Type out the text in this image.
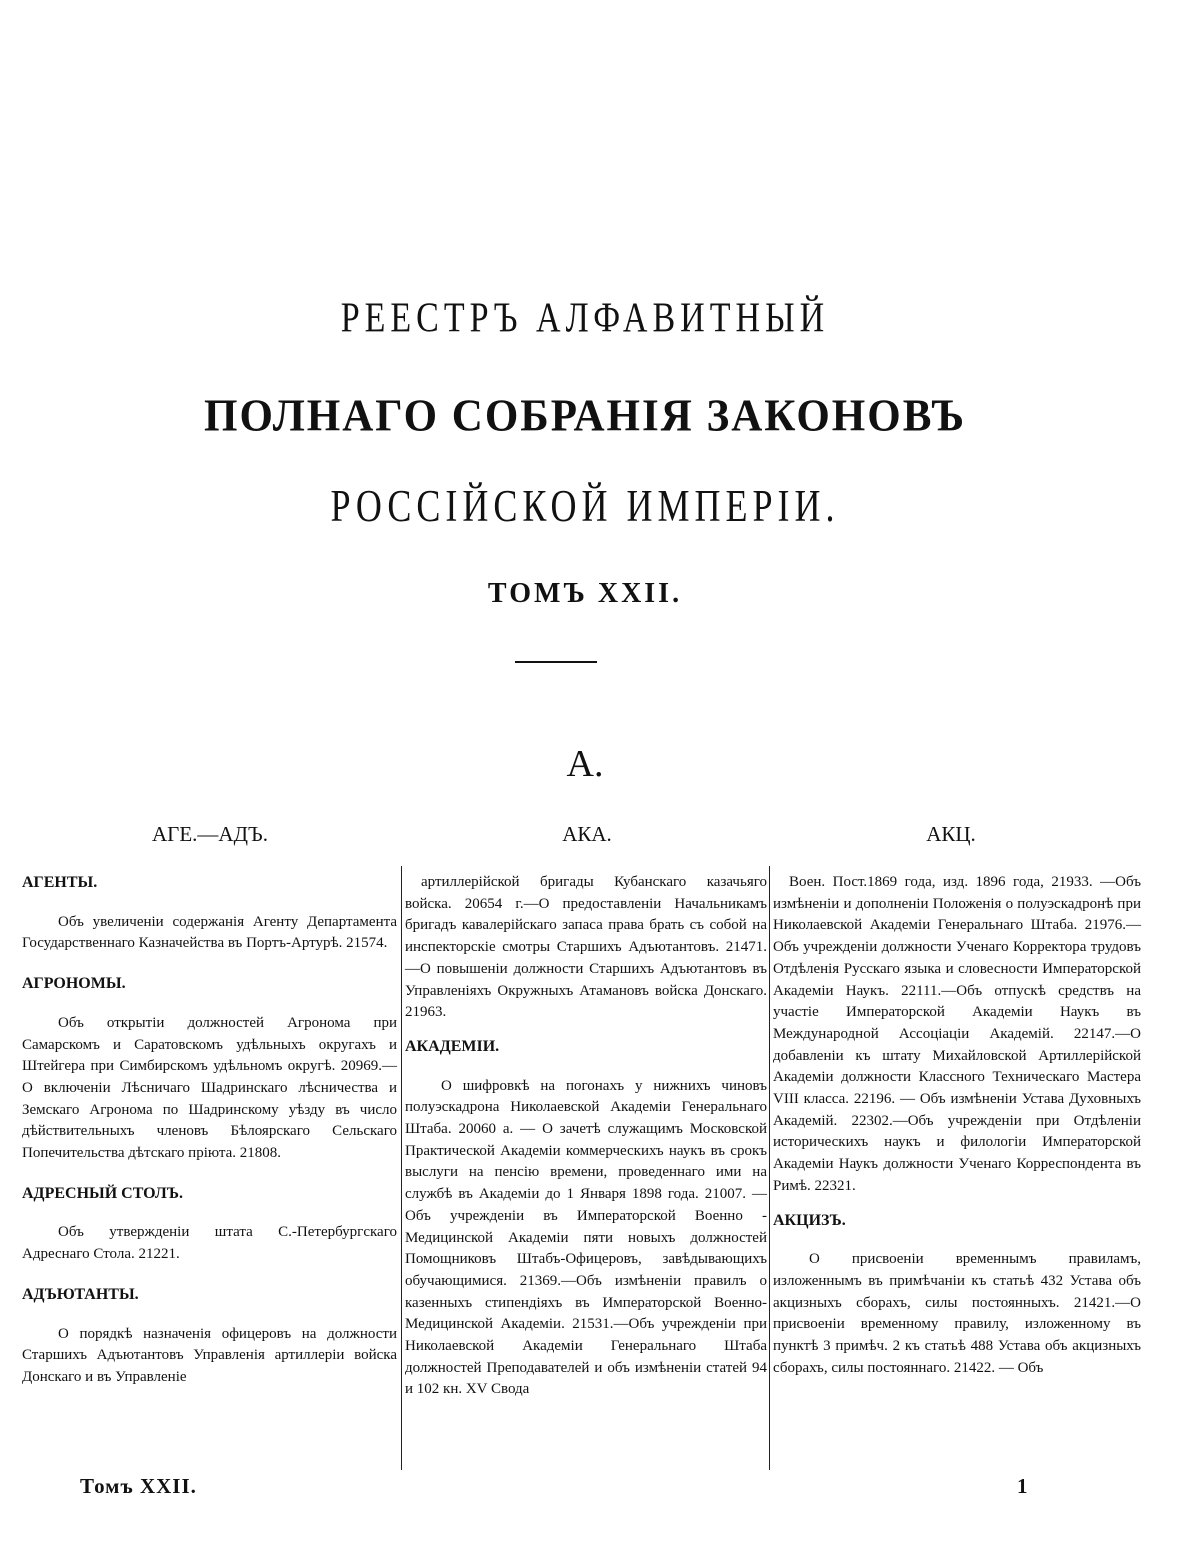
РЕЕСТРЪ АЛФАВИТНЫЙ
ПОЛНАГО СОБРАНІЯ ЗАКОНОВЪ
РОССІЙСКОЙ ИМПЕРІИ.
ТОМЪ XXII.
А.
АГЕ.—АДЪ.	АКА.	АКЦ.

АГЕНТЫ.

Объ увеличеніи содержанія Агенту Департамента Государственнаго Казначейства въ Портъ-Артурѣ. 21574.

АГРОНОМЫ.

Объ открытіи должностей Агронома при Самарскомъ и Саратовскомъ удѣльныхъ округахъ и Штейгера при Симбирскомъ удѣльномъ округѣ. 20969.—О включеніи Лѣсничаго Шадринскаго лѣсничества и Земскаго Агронома по Шадринскому уѣзду въ число дѣйствительныхъ членовъ Бѣлоярскаго Сельскаго Попечительства дѣтскаго пріюта. 21808.

АДРЕСНЫЙ СТОЛЪ.

Объ утвержденіи штата С.-Петербургскаго Адреснаго Стола. 21221.

АДЪЮТАНТЫ.

О порядкѣ назначенія офицеровъ на должности Старшихъ Адъютантовъ Управленія артиллеріи войска Донскаго и въ Управленіе

артиллерійской бригады Кубанскаго казачьяго войска. 20654 г.—О предоставленіи Начальникамъ бригадъ кавалерійскаго запаса права брать съ собой на инспекторскіе смотры Старшихъ Адъютантовъ. 21471.—О повышеніи должности Старшихъ Адъютантовъ въ Управленіяхъ Окружныхъ Атамановъ войска Донскаго. 21963.

АКАДЕМІИ.

О шифровкѣ на погонахъ у нижнихъ чиновъ полуэскадрона Николаевской Академіи Генеральнаго Штаба. 20060 а. — О зачетѣ служащимъ Московской Практической Академіи коммерческихъ наукъ въ срокъ выслуги на пенсію времени, проведеннаго ими на службѣ въ Академіи до 1 Января 1898 года. 21007. — Объ учрежденіи въ Императорской Военно - Медицинской Академіи пяти новыхъ должностей Помощниковъ Штабъ-Офицеровъ, завѣдывающихъ обучающимися. 21369.—Объ измѣненіи правилъ о казенныхъ стипендіяхъ въ Императорской Военно-Медицинской Академіи. 21531.—Объ учрежденіи при Николаевской Академіи Генеральнаго Штаба должностей Преподавателей и объ измѣненіи статей 94 и 102 кн. XV Свода

Воен. Пост.1869 года, изд. 1896 года, 21933. —Объ измѣненіи и дополненіи Положенія о полуэскадронѣ при Николаевской Академіи Генеральнаго Штаба. 21976.—Объ учрежденіи должности Ученаго Корректора трудовъ Отдѣленія Русскаго языка и словесности Императорской Академіи Наукъ. 22111.—Объ отпускѣ средствъ на участіе Императорской Академіи Наукъ въ Международной Ассоціаціи Академій. 22147.—О добавленіи къ штату Михайловской Артиллерійской Академіи должности Классного Техническаго Мастера VIII класса. 22196. — Объ измѣненіи Устава Духовныхъ Академій. 22302.—Объ учрежденіи при Отдѣленіи историческихъ наукъ и филологіи Императорской Академіи Наукъ должности Ученаго Корреспондента въ Римѣ. 22321.

АКЦИЗЪ.

О присвоеніи временнымъ правиламъ, изложеннымъ въ примѣчаніи къ статьѣ 432 Устава объ акцизныхъ сборахъ, силы постоянныхъ. 21421.—О присвоеніи временному правилу, изложенному въ пунктѣ 3 примѣч. 2 къ статьѣ 488 Устава объ акцизныхъ сборахъ, силы постояннаго. 21422. — Объ

Томъ XXII.	1
